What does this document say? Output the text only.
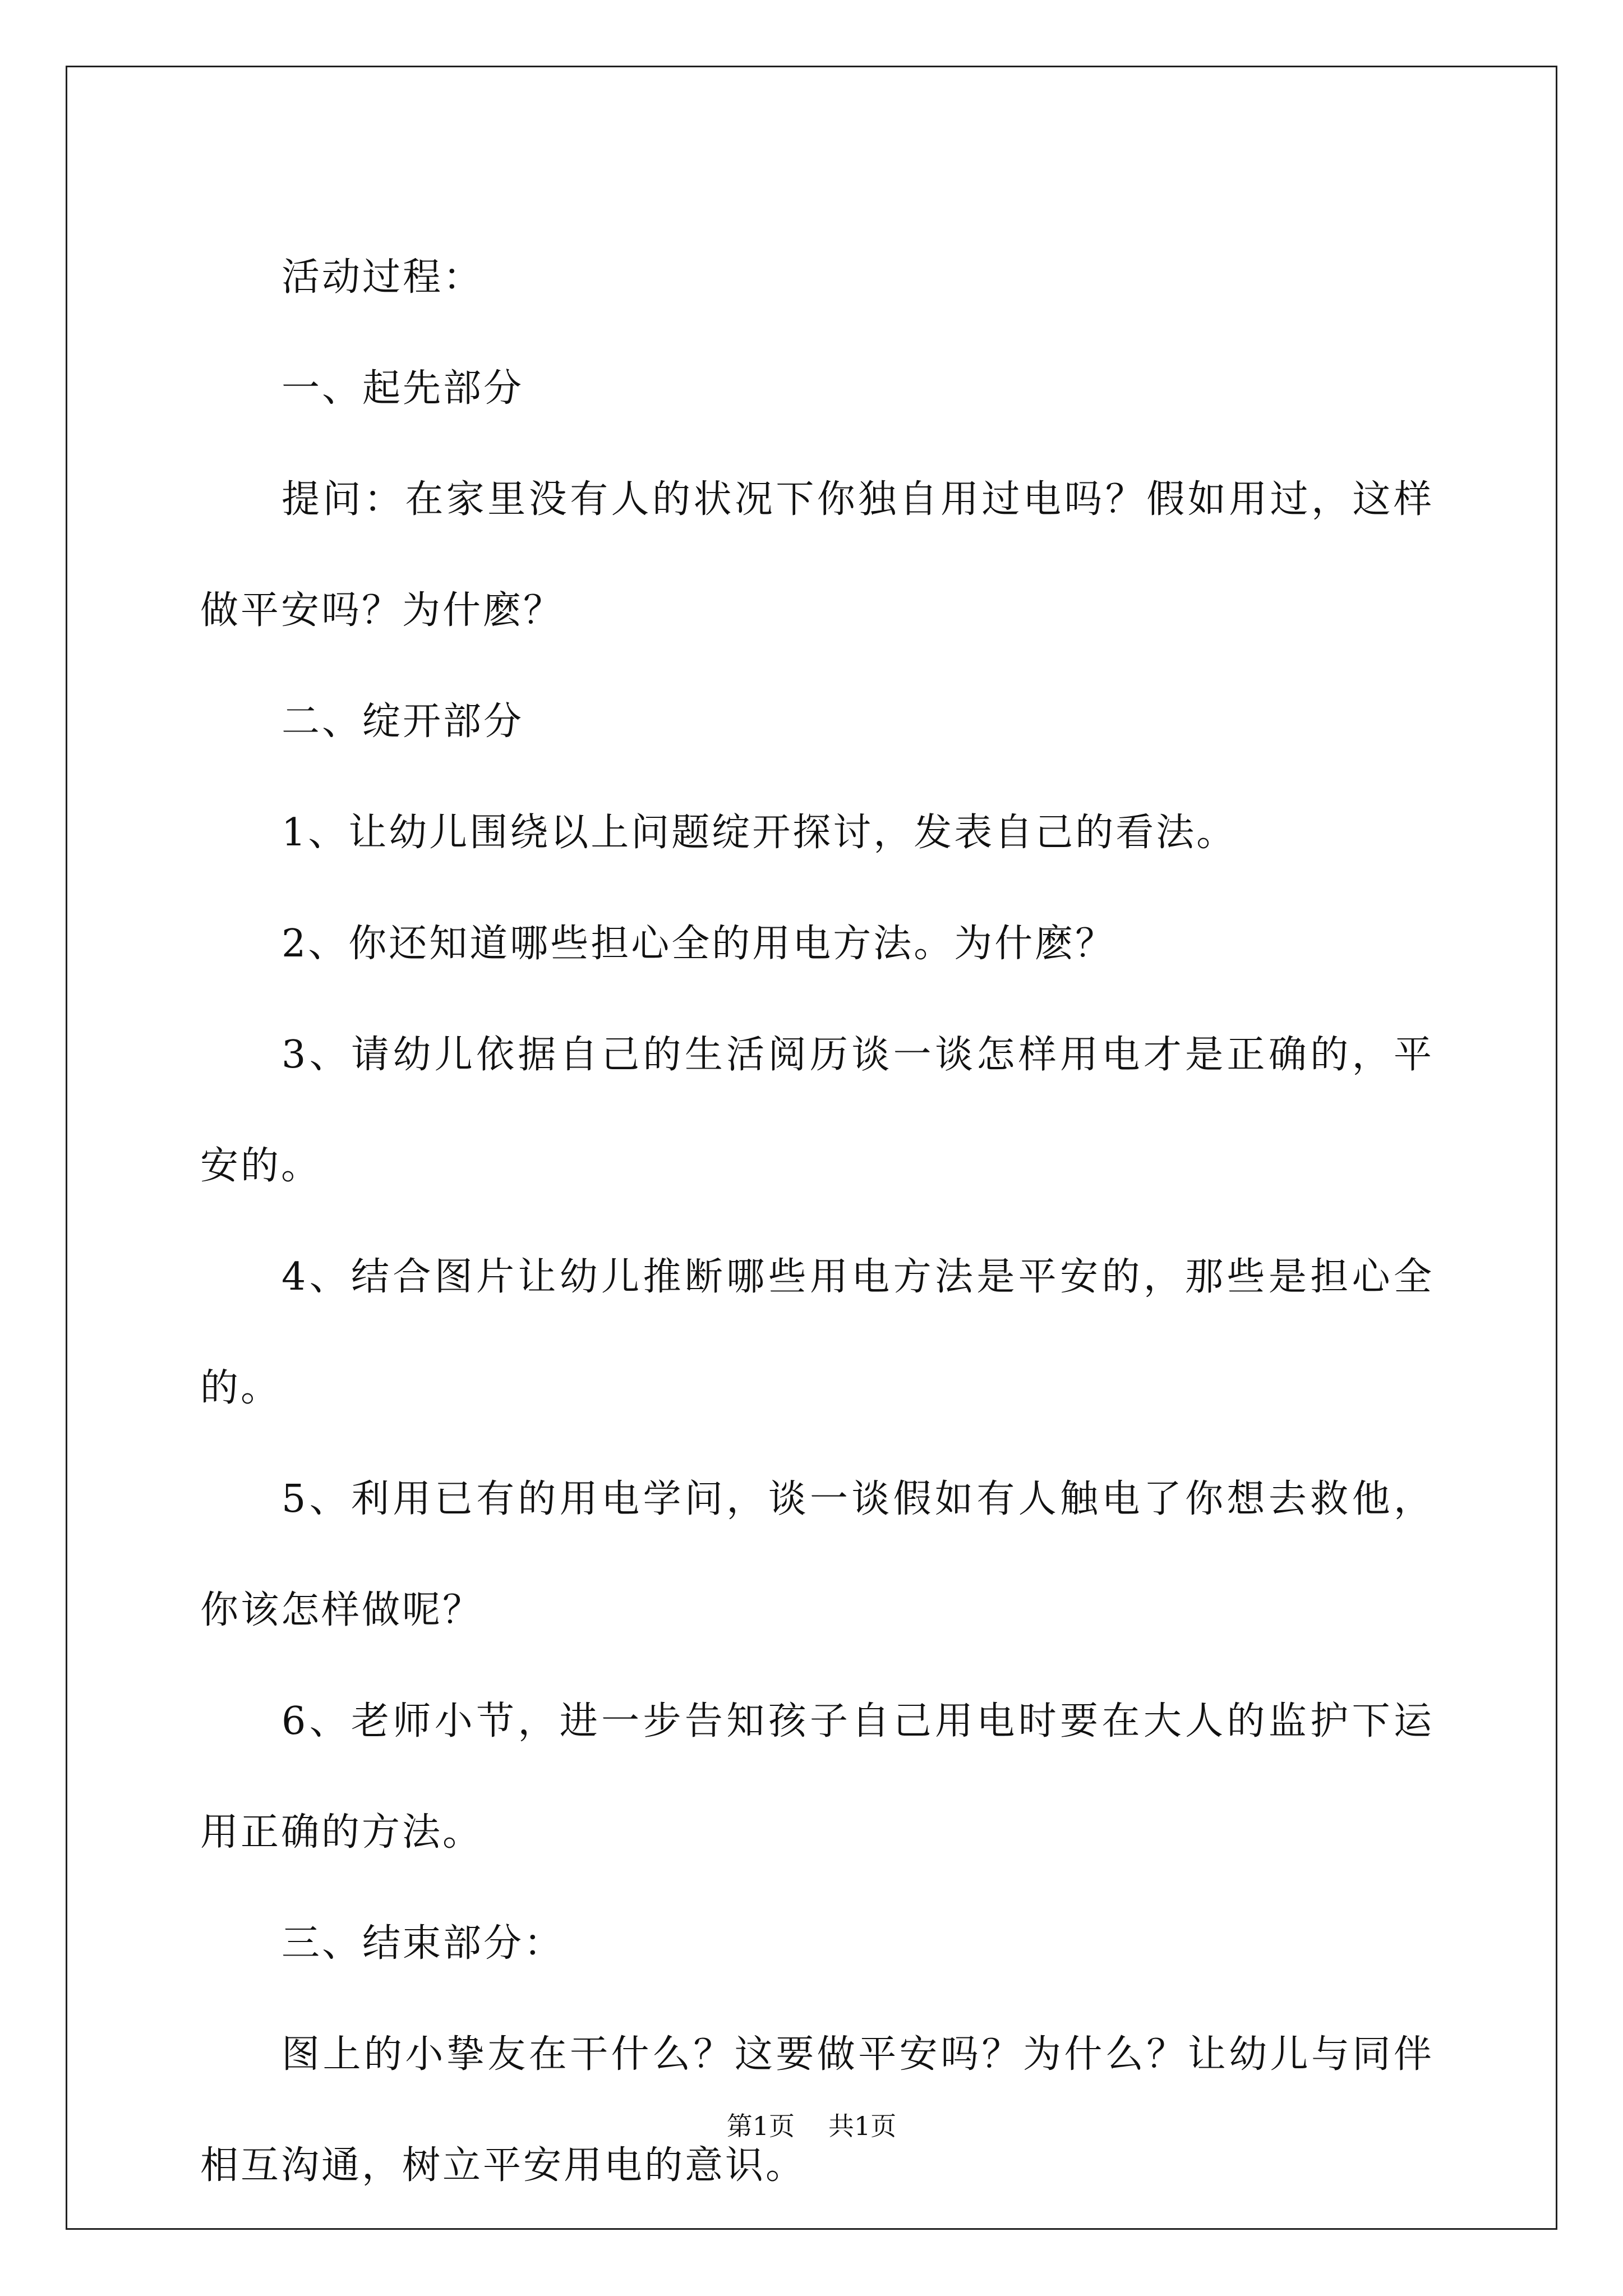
活动过程：

一、起先部分

提问：在家里没有人的状况下你独自用过电吗？假如用过，这样做平安吗？为什麽？

二、绽开部分

1、让幼儿围绕以上问题绽开探讨，发表自己的看法。

2、你还知道哪些担心全的用电方法。为什麽？

3、请幼儿依据自己的生活阅历谈一谈怎样用电才是正确的，平安的。

4、结合图片让幼儿推断哪些用电方法是平安的，那些是担心全的。

5、利用已有的用电学问，谈一谈假如有人触电了你想去救他，你该怎样做呢？

6、老师小节，进一步告知孩子自己用电时要在大人的监护下运用正确的方法。

三、结束部分：

图上的小挚友在干什么？这要做平安吗？为什么？让幼儿与同伴相互沟通，树立平安用电的意识。

第1页 共1页
